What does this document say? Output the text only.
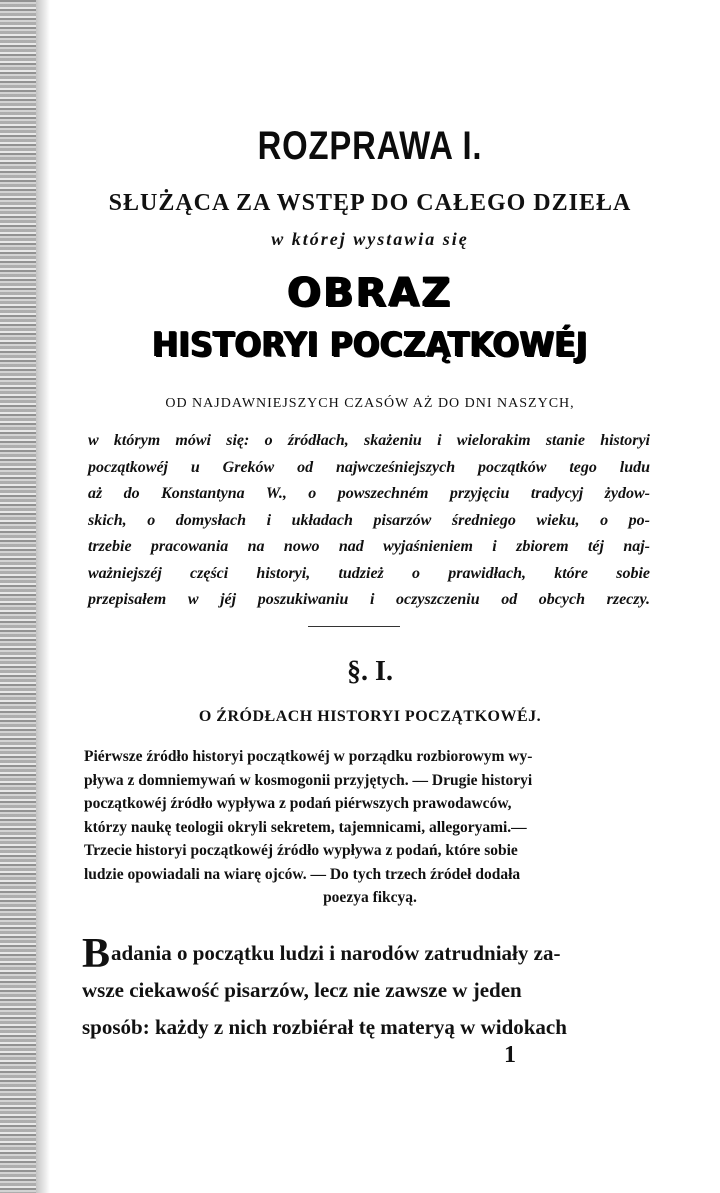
ROZPRAWA I.
SŁUŻĄCA ZA WSTĘP DO CAŁEGO DZIEŁA
w której wystawia się
OBRAZ
HISTORYI POCZĄTKOWÉJ
OD NAJDAWNIEJSZYCH CZASÓW AŻ DO DNI NASZYCH,
w którym mówi się: o źródłach, skażeniu i wielorakim stanie historyi
początkowéj u Greków od najwcześniejszych początków tego ludu
aż do Konstantyna W., o powszechném przyjęciu tradycyj żydow-
skich, o domysłach i układach pisarzów średniego wieku, o po-
trzebie pracowania na nowo nad wyjaśnieniem i zbiorem téj naj-
ważniejszéj części historyi, tudzież o prawidłach, które sobie
przepisałem w jéj poszukiwaniu i oczyszczeniu od obcych rzeczy.
§. I.
O ŹRÓDŁACH HISTORYI POCZĄTKOWÉJ.
Piérwsze źródło historyi początkowéj w porządku rozbiorowym wy-
pływa z domniemywań w kosmogonii przyjętych. — Drugie historyi
początkowéj źródło wypływa z podań piérwszych prawodawców,
którzy naukę teologii okryli sekretem, tajemnicami, allegoryami.—
Trzecie historyi początkowéj źródło wypływa z podań, które sobie
ludzie opowiadali na wiarę ojców. — Do tych trzech źródeł dodała
poezya fikcyą.
B adania o początku ludzi i narodów zatrudniały za-
wsze ciekawość pisarzów, lecz nie zawsze w jeden
sposób: każdy z nich rozbiérał tę materyą w widokach
1
